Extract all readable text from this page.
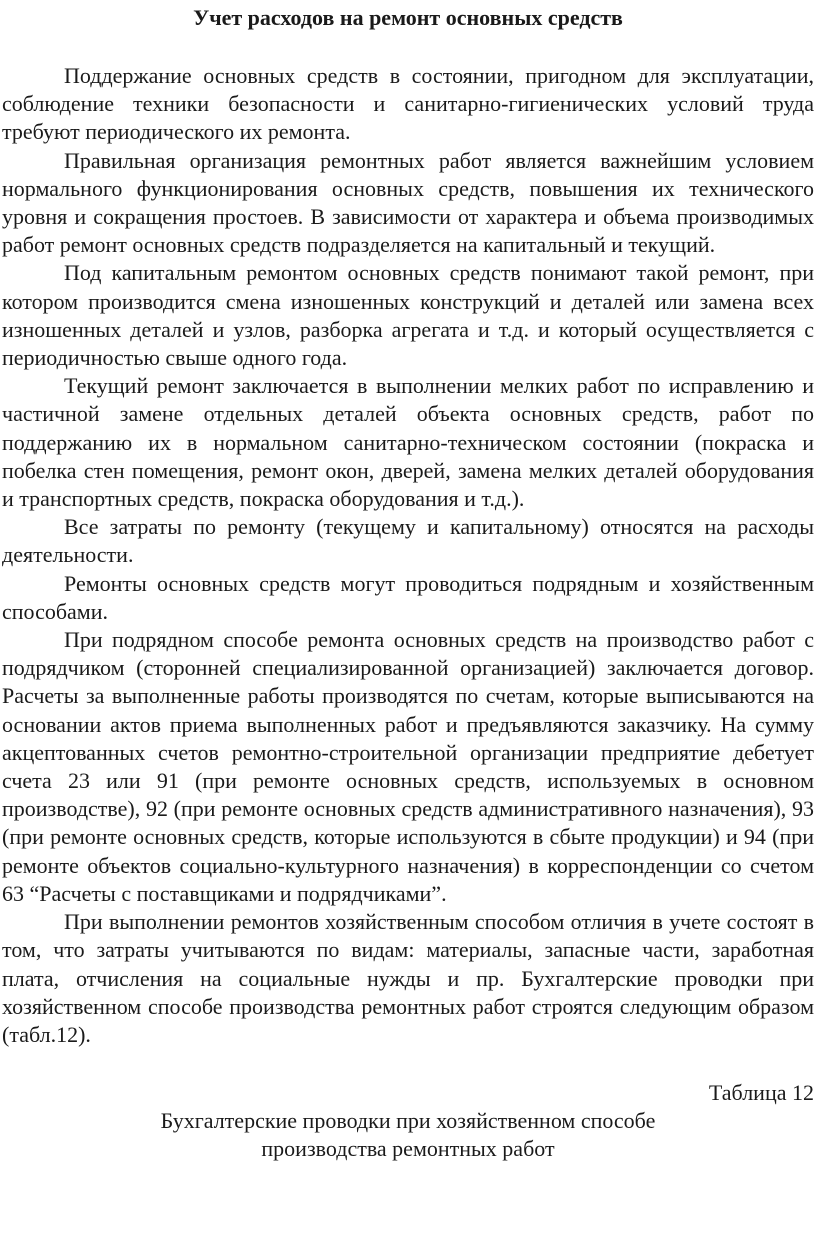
Учет расходов на ремонт основных средств

Поддержание основных средств в состоянии, пригодном для эксплуатации, соблюдение техники безопасности и санитарно-гигиенических условий труда требуют периодического их ремонта.

Правильная организация ремонтных работ является важнейшим условием нормального функционирования основных средств, повышения их технического уровня и сокращения простоев. В зависимости от характера и объема производимых работ ремонт основных средств подразделяется на капитальный и текущий.

Под капитальным ремонтом основных средств понимают такой ремонт, при котором производится смена изношенных конструкций и деталей или замена всех изношенных деталей и узлов, разборка агрегата и т.д. и который осуществляется с периодичностью свыше одного года.

Текущий ремонт заключается в выполнении мелких работ по исправлению и частичной замене отдельных деталей объекта основных средств, работ по поддержанию их в нормальном санитарно-техническом состоянии (покраска и побелка стен помещения, ремонт окон, дверей, замена мелких деталей оборудования и транспортных средств, покраска оборудования и т.д.).

Все затраты по ремонту (текущему и капитальному) относятся на расходы деятельности.

Ремонты основных средств могут проводиться подрядным и хозяйственным способами.

При подрядном способе ремонта основных средств на производство работ с подрядчиком (сторонней специализированной организацией) заключается договор. Расчеты за выполненные работы производятся по счетам, которые выписываются на основании актов приема выполненных работ и предъявляются заказчику. На сумму акцептованных счетов ремонтно-строительной организации предприятие дебетует счета 23 или 91 (при ремонте основных средств, используемых в основном производстве), 92 (при ремонте основных средств административного назначения), 93 (при ремонте основных средств, которые используются в сбыте продукции) и 94 (при ремонте объектов социально-культурного назначения) в корреспонденции со счетом 63 “Расчеты с поставщиками и подрядчиками”.

При выполнении ремонтов хозяйственным способом отличия в учете состоят в том, что затраты учитываются по видам: материалы, запасные части, заработная плата, отчисления на социальные нужды и пр. Бухгалтерские проводки при хозяйственном способе производства ремонтных работ строятся следующим образом (табл.12).

Таблица 12
Бухгалтерские проводки при хозяйственном способе
производства ремонтных работ
